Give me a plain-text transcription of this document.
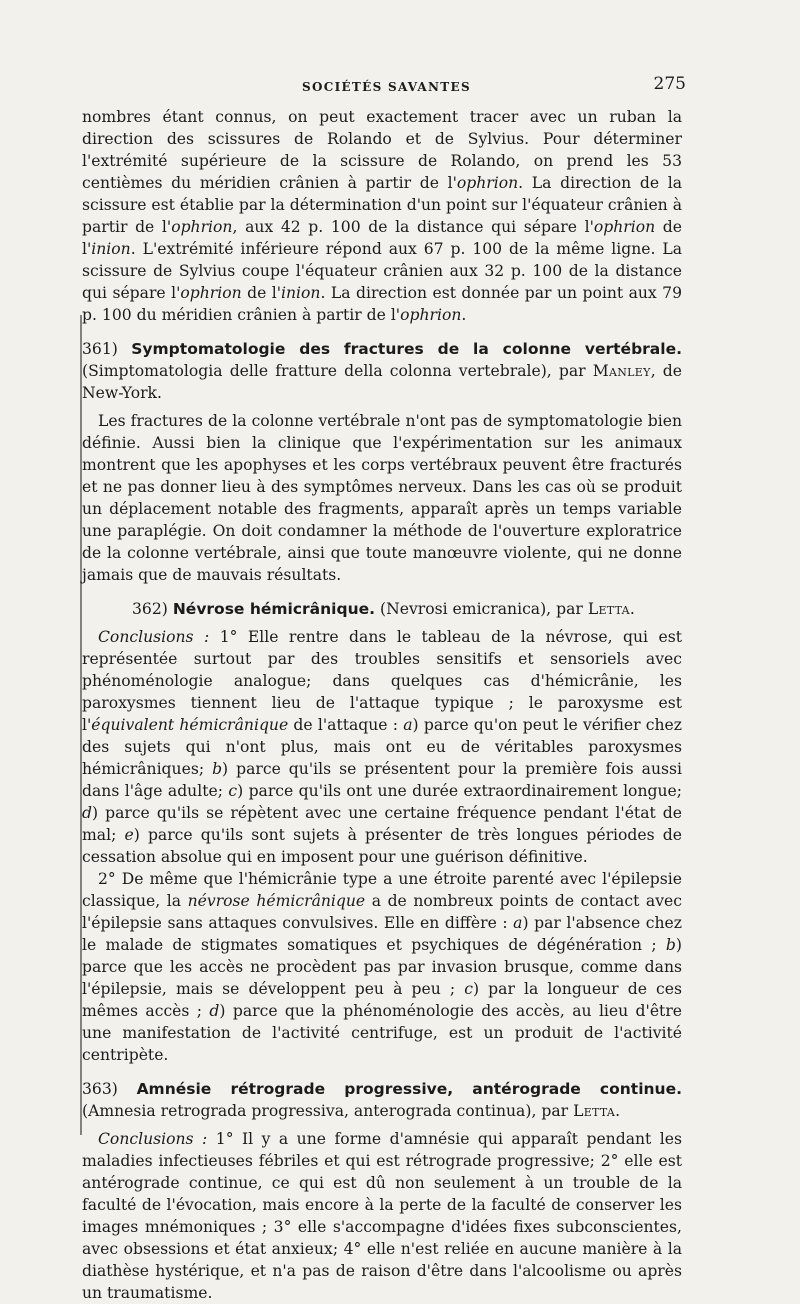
SOCIÉTÉS SAVANTES	275

nombres étant connus, on peut exactement tracer avec un ruban la direction des scissures de Rolando et de Sylvius. Pour déterminer l'extrémité supérieure de la scissure de Rolando, on prend les 53 centièmes du méridien crânien à partir de l'ophrion. La direction de la scissure est établie par la détermination d'un point sur l'équateur crânien à partir de l'ophrion, aux 42 p. 100 de la distance qui sépare l'ophrion de l'inion. L'extrémité inférieure répond aux 67 p. 100 de la même ligne. La scissure de Sylvius coupe l'équateur crânien aux 32 p. 100 de la distance qui sépare l'ophrion de l'inion. La direction est donnée par un point aux 79 p. 100 du méridien crânien à partir de l'ophrion.

361) Symptomatologie des fractures de la colonne vertébrale. (Simptomatologia delle fratture della colonna vertebrale), par Manley, de New-York.

Les fractures de la colonne vertébrale n'ont pas de symptomatologie bien définie. Aussi bien la clinique que l'expérimentation sur les animaux montrent que les apophyses et les corps vertébraux peuvent être fracturés et ne pas donner lieu à des symptômes nerveux. Dans les cas où se produit un déplacement notable des fragments, apparaît après un temps variable une paraplégie. On doit condamner la méthode de l'ouverture exploratrice de la colonne vertébrale, ainsi que toute manœuvre violente, qui ne donne jamais que de mauvais résultats.

362) Névrose hémicrânique. (Nevrosi emicranica), par Letta.

Conclusions : 1° Elle rentre dans le tableau de la névrose, qui est représentée surtout par des troubles sensitifs et sensoriels avec phénoménologie analogue; dans quelques cas d'hémicrânie, les paroxysmes tiennent lieu de l'attaque typique ; le paroxysme est l'équivalent hémicrânique de l'attaque : a) parce qu'on peut le vérifier chez des sujets qui n'ont plus, mais ont eu de véritables paroxysmes hémicrâniques; b) parce qu'ils se présentent pour la première fois aussi dans l'âge adulte; c) parce qu'ils ont une durée extraordinairement longue; d) parce qu'ils se répètent avec une certaine fréquence pendant l'état de mal; e) parce qu'ils sont sujets à présenter de très longues périodes de cessation absolue qui en imposent pour une guérison définitive.

2° De même que l'hémicrânie type a une étroite parenté avec l'épilepsie classique, la névrose hémicrânique a de nombreux points de contact avec l'épilepsie sans attaques convulsives. Elle en diffère : a) par l'absence chez le malade de stigmates somatiques et psychiques de dégénération ; b) parce que les accès ne procèdent pas par invasion brusque, comme dans l'épilepsie, mais se développent peu à peu ; c) par la longueur de ces mêmes accès ; d) parce que la phénoménologie des accès, au lieu d'être une manifestation de l'activité centrifuge, est un produit de l'activité centripète.

363) Amnésie rétrograde progressive, antérograde continue. (Amnesia retrograda progressiva, anterograda continua), par Letta.

Conclusions : 1° Il y a une forme d'amnésie qui apparaît pendant les maladies infectieuses fébriles et qui est rétrograde progressive; 2° elle est antérograde continue, ce qui est dû non seulement à un trouble de la faculté de l'évocation, mais encore à la perte de la faculté de conserver les images mnémoniques ; 3° elle s'accompagne d'idées fixes subconscientes, avec obsessions et état anxieux; 4° elle n'est reliée en aucune manière à la diathèse hystérique, et n'a pas de raison d'être dans l'alcoolisme ou après un traumatisme.
